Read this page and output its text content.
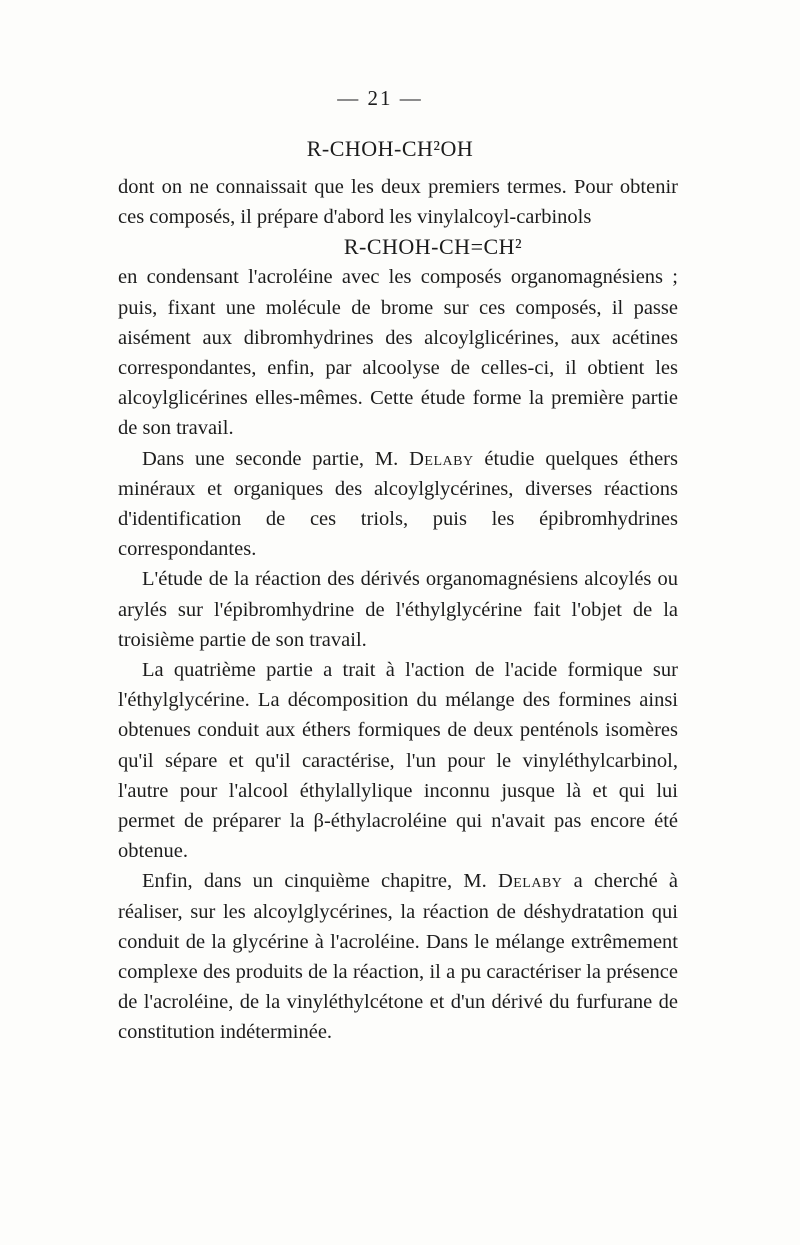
— 21 —
R-CHOH-CH²OH

dont on ne connaissait que les deux premiers termes. Pour obtenir ces composés, il prépare d'abord les vinylalcoyl-carbinols

R-CHOH-CH=CH²

en condensant l'acroléine avec les composés organomagnésiens ; puis, fixant une molécule de brome sur ces composés, il passe aisément aux dibromhydrines des alcoylglicérines, aux acétines correspondantes, enfin, par alcoolyse de celles-ci, il obtient les alcoylglicérines elles-mêmes. Cette étude forme la première partie de son travail.

Dans une seconde partie, M. Delaby étudie quelques éthers minéraux et organiques des alcoylglycérines, diverses réactions d'identification de ces triols, puis les épibromhydrines correspondantes.

L'étude de la réaction des dérivés organomagnésiens alcoylés ou arylés sur l'épibromhydrine de l'éthylglycérine fait l'objet de la troisième partie de son travail.

La quatrième partie a trait à l'action de l'acide formique sur l'éthylglycérine. La décomposition du mélange des formines ainsi obtenues conduit aux éthers formiques de deux penténols isomères qu'il sépare et qu'il caractérise, l'un pour le vinyléthylcarbinol, l'autre pour l'alcool éthylallylique inconnu jusque là et qui lui permet de préparer la β-éthylacroléine qui n'avait pas encore été obtenue.

Enfin, dans un cinquième chapitre, M. Delaby a cherché à réaliser, sur les alcoylglycérines, la réaction de déshydratation qui conduit de la glycérine à l'acroléine. Dans le mélange extrêmement complexe des produits de la réaction, il a pu caractériser la présence de l'acroléine, de la vinyléthylcétone et d'un dérivé du furfurane de constitution indéterminée.
